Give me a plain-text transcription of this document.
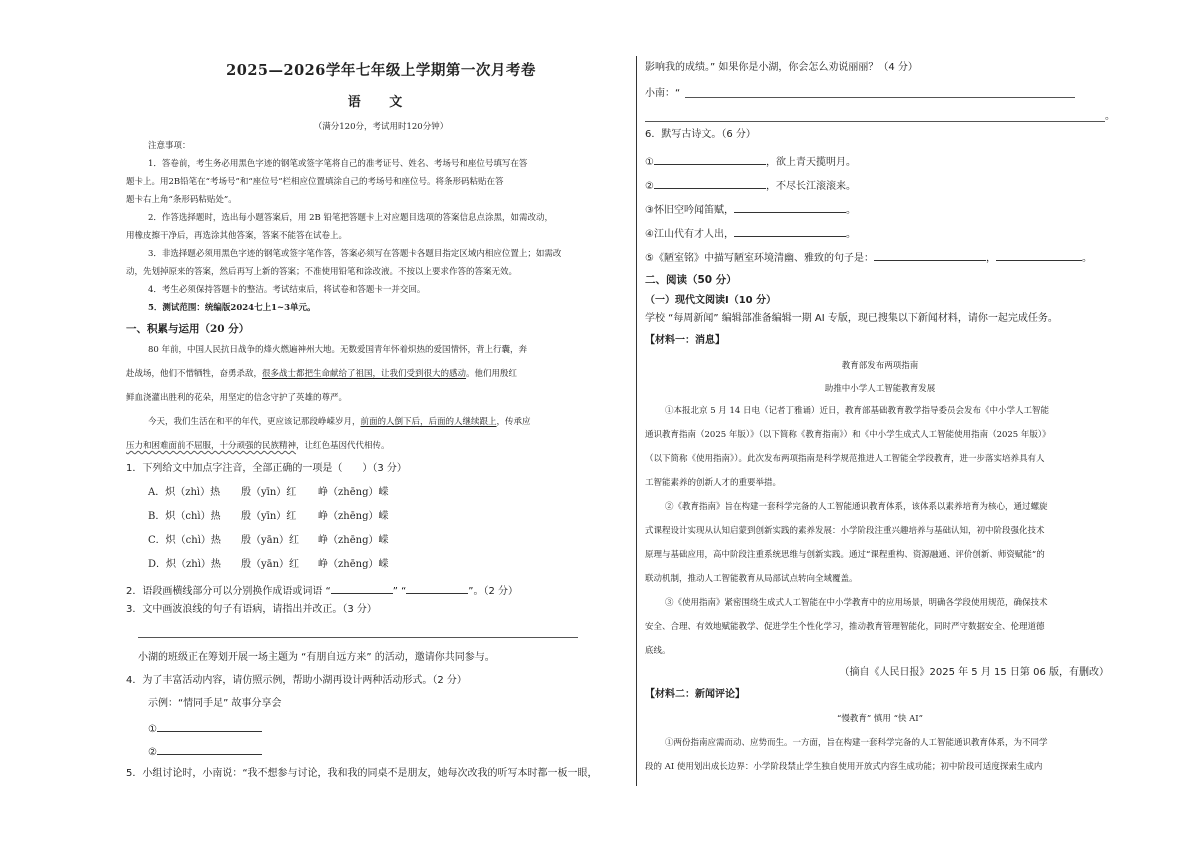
2025—2026学年七年级上学期第一次月考卷
语 文
（满分120分，考试用时120分钟）
注意事项：
1．答卷前，考生务必用黑色字迹的钢笔或签字笔将自己的准考证号、姓名、考场号和座位号填写在答
题卡上。用2B铅笔在“考场号”和“座位号”栏相应位置填涂自己的考场号和座位号。将条形码粘贴在答
题卡右上角“条形码粘贴处”。
2．作答选择题时，选出每小题答案后，用 2B 铅笔把答题卡上对应题目选项的答案信息点涂黑，如需改动，
用橡皮擦干净后，再选涂其他答案，答案不能答在试卷上。
3．非选择题必须用黑色字迹的钢笔或签字笔作答，答案必须写在答题卡各题目指定区域内相应位置上；如需改
动，先划掉原来的答案，然后再写上新的答案；不准使用铅笔和涂改液。不按以上要求作答的答案无效。
4．考生必须保持答题卡的整洁。考试结束后，将试卷和答题卡一并交回。
5．测试范围：统编版2024七上1~3单元。
一、积累与运用（20 分）
80 年前，中国人民抗日战争的烽火燃遍神州大地。无数爱国青年怀着炽热的爱国情怀，背上行囊，奔
赴战场，他们不惜牺牲，奋勇杀敌，很多战士都把生命献给了祖国，让我们受到很大的感动。他们用殷红
鲜血浇灌出胜利的花朵，用坚定的信念守护了英雄的尊严。
今天，我们生活在和平的年代，更应该记那段峥嵘岁月，前面的人倒下后，后面的人继续跟上，传承应
压力和困难面前不屈服，十分顽强的民族精神，让红色基因代代相传。
1．下列给文中加点字注音，全部正确的一项是（　　）（3 分）
A．炽（zhì）热 殷（yīn）红 峥（zhēng）嵘
B．炽（chì）热 殷（yīn）红 峥（zhēng）嵘
C．炽（chì）热 殷（yān）红 峥（zhēng）嵘
D．炽（zhì）热 殷（yān）红 峥（zhēng）嵘
2．语段画横线部分可以分别换作成语或词语 “	” “	”。（2 分）
3．文中画波浪线的句子有语病，请指出并改正。（3 分）
小湖的班级正在筹划开展一场主题为 “有朋自远方来” 的活动，邀请你共同参与。
4．为了丰富活动内容，请仿照示例，帮助小湖再设计两种活动形式。（2 分）
示例：“情同手足” 故事分享会
①
②
5．小组讨论时，小南说：“我不想参与讨论，我和我的同桌不是朋友，她每次改我的听写本时都一板一眼，
影响我的成绩。” 如果你是小湖，你会怎么劝说丽丽？（4 分）
小南：“
。
6．默写古诗文。（6 分）
①	，欲上青天揽明月。
②	，不尽长江滚滚来。
③怀旧空吟闻笛赋，	。
④江山代有才人出，	。
⑤《陋室铭》中描写陋室环境清幽、雅致的句子是：	，	。
二、阅读（50 分）
（一）现代文阅读Ⅰ（10 分）
学校 “每周新闻” 编辑部准备编辑一期 AI 专版，现已搜集以下新闻材料，请你一起完成任务。
【材料一：消息】
教育部发布两项指南
助推中小学人工智能教育发展
①本报北京 5 月 14 日电（记者丁雅诵）近日，教育部基础教育教学指导委员会发布《中小学人工智能
通识教育指南（2025 年版）》（以下简称《教育指南》）和《中小学生成式人工智能使用指南（2025 年版）》
（以下简称《使用指南》）。此次发布两项指南是科学规范推进人工智能全学段教育，进一步落实培养具有人
工智能素养的创新人才的重要举措。
②《教育指南》旨在构建一套科学完备的人工智能通识教育体系，该体系以素养培育为核心，通过螺旋
式课程设计实现从认知启蒙到创新实践的素养发展：小学阶段注重兴趣培养与基础认知，初中阶段强化技术
原理与基础应用，高中阶段注重系统思维与创新实践。通过“课程重构、资源融通、评价创新、师资赋能”的
联动机制，推动人工智能教育从局部试点转向全域覆盖。
③《使用指南》紧密围绕生成式人工智能在中小学教育中的应用场景，明确各学段使用规范，确保技术
安全、合理、有效地赋能教学、促进学生个性化学习，推动教育管理智能化，同时严守数据安全、伦理道德
底线。
（摘自《人民日报》2025 年 5 月 15 日第 06 版，有删改）
【材料二：新闻评论】
“慢教育” 慎用 “快 AI”
①两份指南应需而动、应势而生。一方面，旨在构建一套科学完备的人工智能通识教育体系，为不同学
段的 AI 使用划出成长边界：小学阶段禁止学生独自使用开放式内容生成功能；初中阶段可适度探索生成内
